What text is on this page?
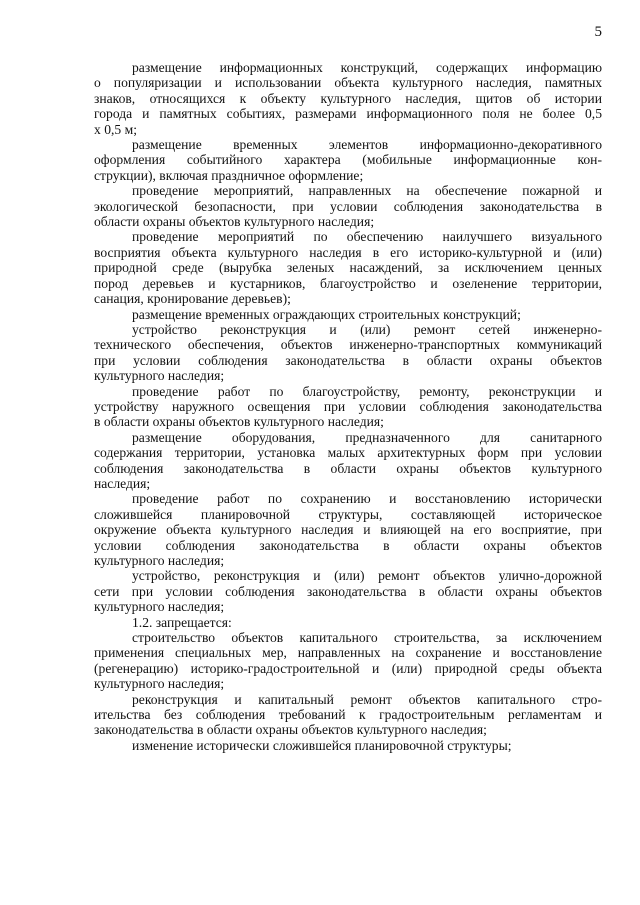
5
размещение информационных конструкций, содержащих информацию
о популяризации и использовании объекта культурного наследия, памятных
знаков, относящихся к объекту культурного наследия, щитов об истории
города и памятных событиях, размерами информационного поля не более 0,5
х 0,5 м;
размещение временных элементов информационно-декоративного
оформления событийного характера (мобильные информационные кон-
струкции), включая праздничное оформление;
проведение мероприятий, направленных на обеспечение пожарной и
экологической безопасности, при условии соблюдения законодательства в
области охраны объектов культурного наследия;
проведение мероприятий по обеспечению наилучшего визуального
восприятия объекта культурного наследия в его историко-культурной и (или)
природной среде (вырубка зеленых насаждений, за исключением ценных
пород деревьев и кустарников, благоустройство и озеленение территории,
санация, кронирование деревьев);
размещение временных ограждающих строительных конструкций;
устройство реконструкция и (или) ремонт сетей инженерно-
технического обеспечения, объектов инженерно-транспортных коммуникаций
при условии соблюдения законодательства в области охраны объектов
культурного наследия;
проведение работ по благоустройству, ремонту, реконструкции и
устройству наружного освещения при условии соблюдения законодательства
в области охраны объектов культурного наследия;
размещение оборудования, предназначенного для санитарного
содержания территории, установка малых архитектурных форм при условии
соблюдения законодательства в области охраны объектов культурного
наследия;
проведение работ по сохранению и восстановлению исторически
сложившейся планировочной структуры, составляющей историческое
окружение объекта культурного наследия и влияющей на его восприятие, при
условии соблюдения законодательства в области охраны объектов
культурного наследия;
устройство, реконструкция и (или) ремонт объектов улично-дорожной
сети при условии соблюдения законодательства в области охраны объектов
культурного наследия;
1.2. запрещается:
строительство объектов капитального строительства, за исключением
применения специальных мер, направленных на сохранение и восстановление
(регенерацию) историко-градостроительной и (или) природной среды объекта
культурного наследия;
реконструкция и капитальный ремонт объектов капитального стро-
ительства без соблюдения требований к градостроительным регламентам и
законодательства в области охраны объектов культурного наследия;
изменение исторически сложившейся планировочной структуры;
